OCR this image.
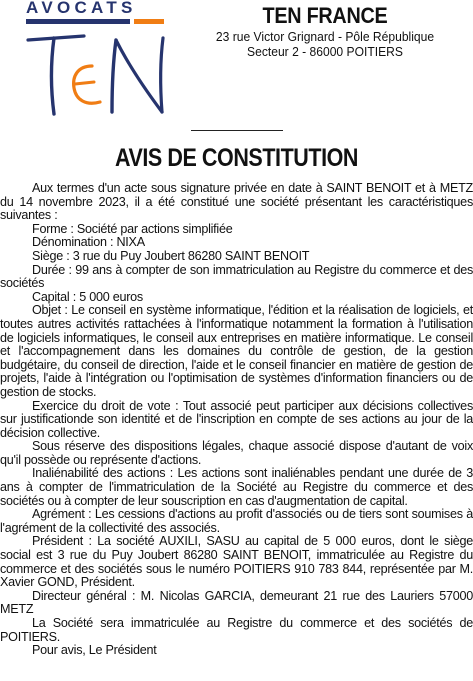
AVOCATS	TEN FRANCE
23 rue Victor Grignard - Pôle République
Secteur 2 - 86000 POITIERS
AVIS DE CONSTITUTION

Aux termes d'un acte sous signature privée en date à SAINT BENOIT et à METZ du 14 novembre 2023, il a été constitué une société présentant les caractéristiques suivantes :

Forme : Société par actions simplifiée

Dénomination : NIXA

Siège : 3 rue du Puy Joubert 86280 SAINT BENOIT

Durée : 99 ans à compter de son immatriculation au Registre du commerce et des sociétés

Capital : 5 000 euros

Objet : Le conseil en système informatique, l'édition et la réalisation de logiciels, et toutes autres activités rattachées à l'informatique notamment la formation à l'utilisation de logiciels informatiques, le conseil aux entreprises en matière informatique. Le conseil et l'accompagnement dans les domaines du contrôle de gestion, de la gestion budgétaire, du conseil de direction, l'aide et le conseil financier en matière de gestion de projets, l'aide à l'intégration ou l'optimisation de systèmes d'information financiers ou de gestion de stocks.

Exercice du droit de vote : Tout associé peut participer aux décisions collectives sur justificationde son identité et de l'inscription en compte de ses actions au jour de la décision collective.

Sous réserve des dispositions légales, chaque associé dispose d'autant de voix qu'il possède ou représente d'actions.

Inaliénabilité des actions : Les actions sont inaliénables pendant une durée de 3 ans à compter de l'immatriculation de la Société au Registre du commerce et des sociétés ou à compter de leur souscription en cas d'augmentation de capital.

Agrément : Les cessions d'actions au profit d'associés ou de tiers sont soumises à l'agrément de la collectivité des associés.

Président : La société AUXILI, SASU au capital de 5 000 euros, dont le siège social est 3 rue du Puy Joubert 86280 SAINT BENOIT, immatriculée au Registre du commerce et des sociétés sous le numéro POITIERS 910 783 844, représentée par M. Xavier GOND, Président.

Directeur général : M. Nicolas GARCIA, demeurant 21 rue des Lauriers 57000 METZ

La Société sera immatriculée au Registre du commerce et des sociétés de POITIERS.

Pour avis, Le Président
